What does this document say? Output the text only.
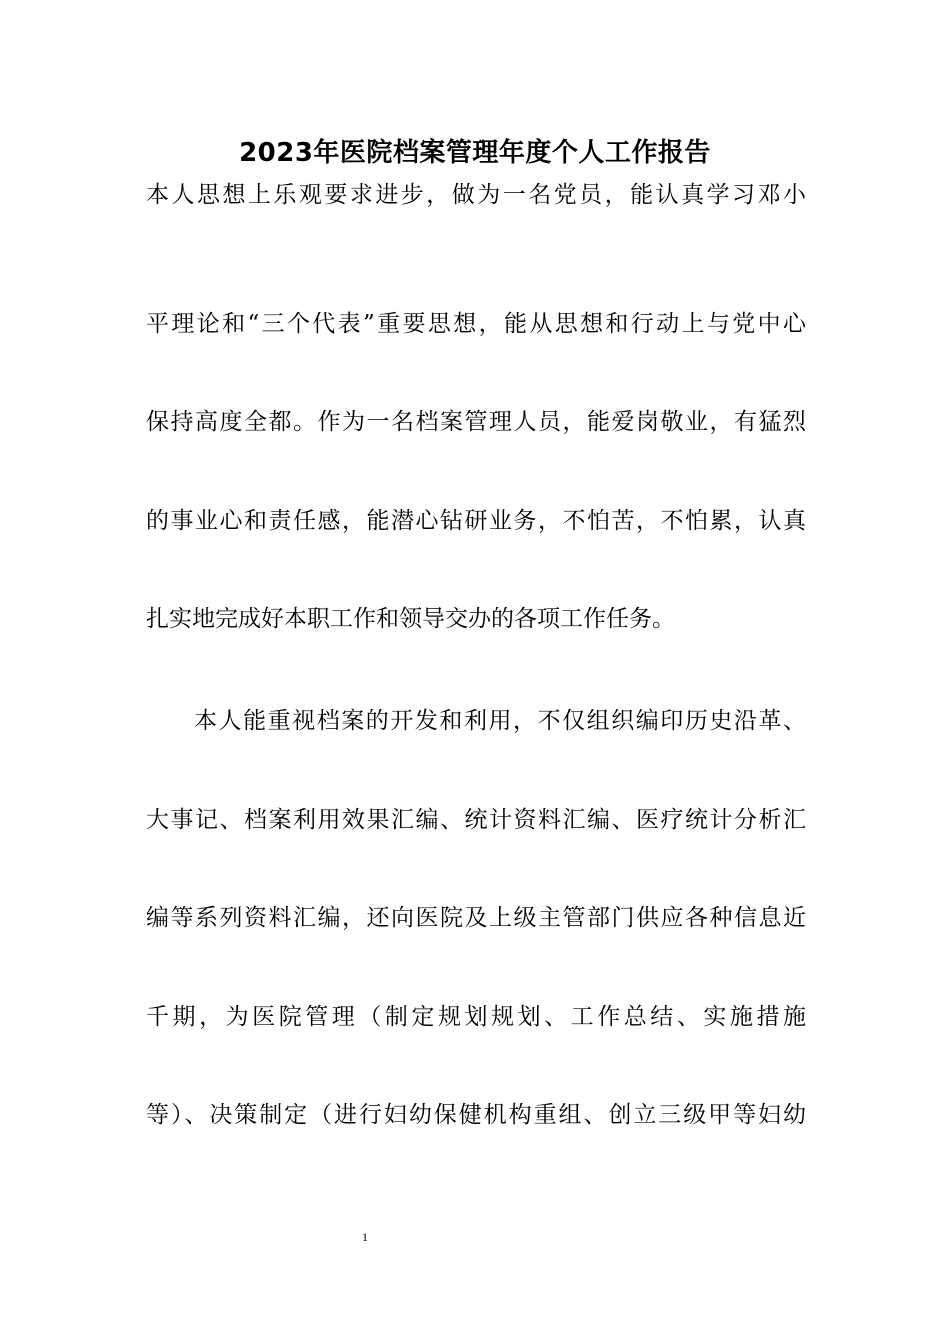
2023年医院档案管理年度个人工作报告
本人思想上乐观要求进步，做为一名党员，能认真学习邓小
平理论和“三个代表”重要思想，能从思想和行动上与党中心
保持高度全都。作为一名档案管理人员，能爱岗敬业，有猛烈
的事业心和责任感，能潜心钻研业务，不怕苦，不怕累，认真
扎实地完成好本职工作和领导交办的各项工作任务。
本人能重视档案的开发和利用，不仅组织编印历史沿革、
大事记、档案利用效果汇编、统计资料汇编、医疗统计分析汇
编等系列资料汇编，还向医院及上级主管部门供应各种信息近
千期，为医院管理（制定规划规划、工作总结、实施措施
等）、决策制定（进行妇幼保健机构重组、创立三级甲等妇幼
1
